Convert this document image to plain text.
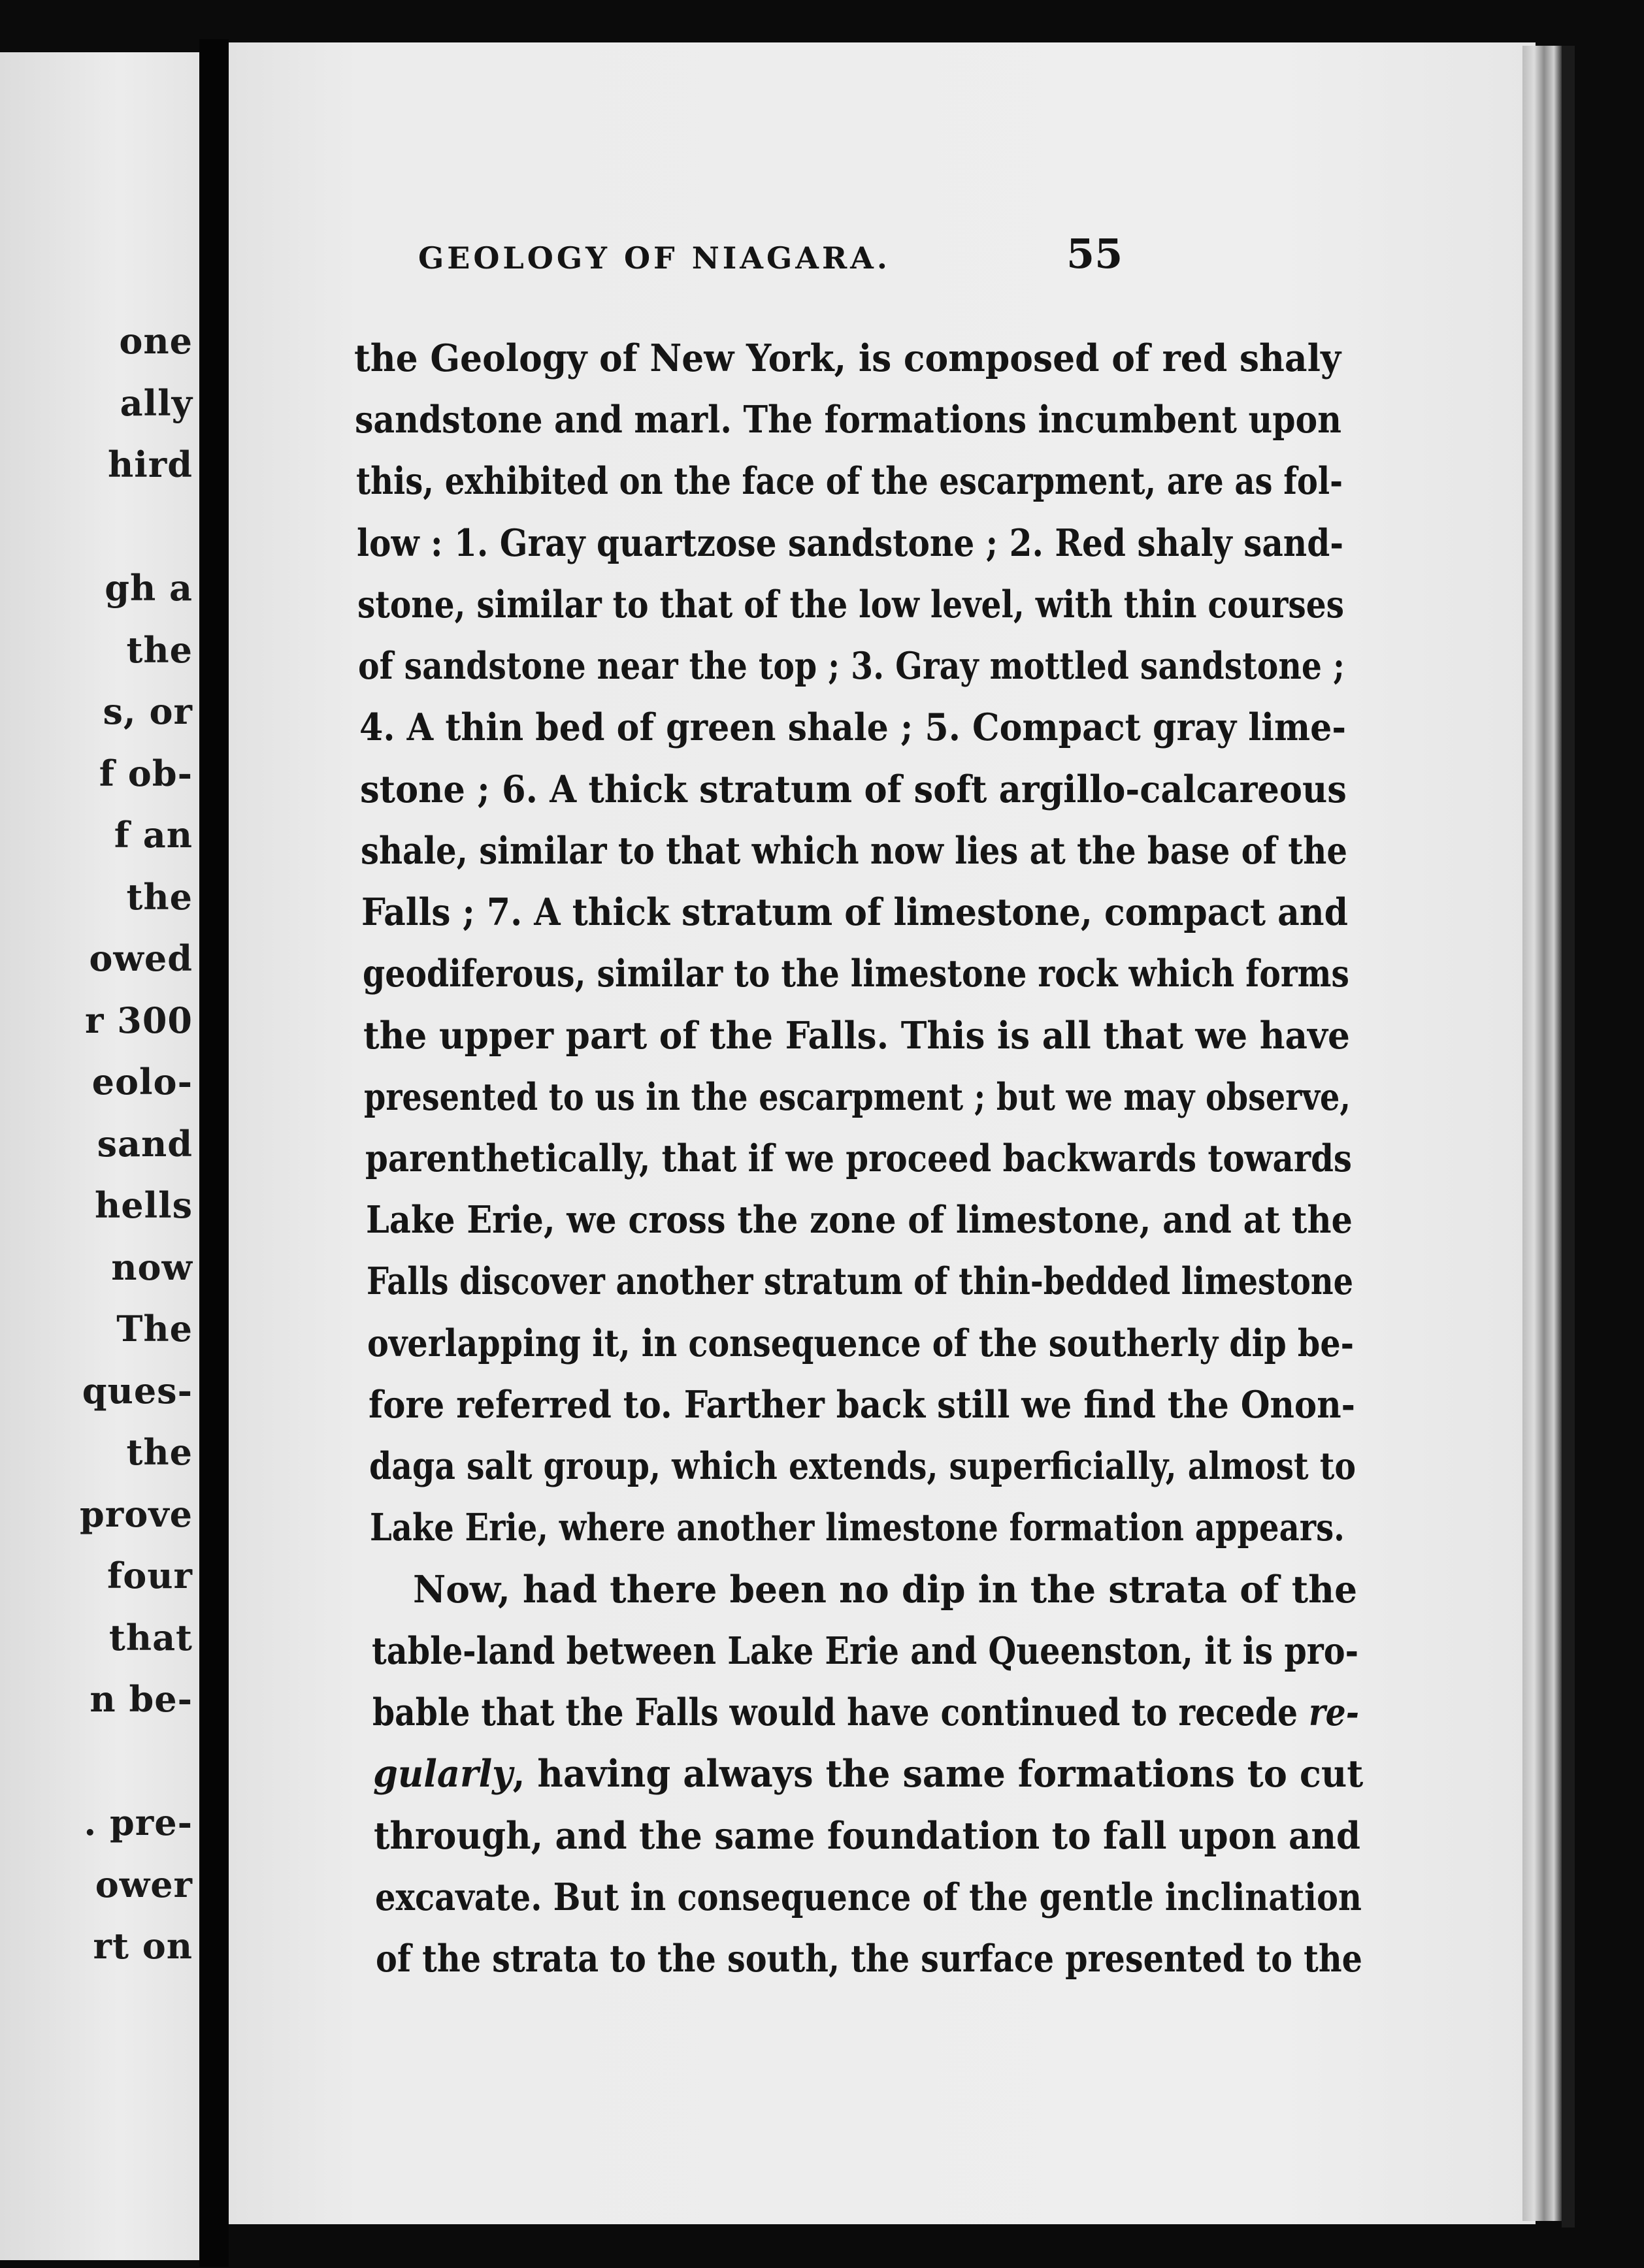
one
ally
hird
gh a
the
s, or
f ob-
f an
the
owed
r 300
eolo-
sand
hells
now
The
ques-
the
prove
four
that
n be-
. pre-
ower
rt on
GEOLOGY OF NIAGARA.	55
the Geology of New York, is composed of red shaly
sandstone and marl. The formations incumbent upon
this, exhibited on the face of the escarpment, are as fol-
low : 1. Gray quartzose sandstone ; 2. Red shaly sand-
stone, similar to that of the low level, with thin courses
of sandstone near the top ; 3. Gray mottled sandstone ;
4. A thin bed of green shale ; 5. Compact gray lime-
stone ; 6. A thick stratum of soft argillo-calcareous
shale, similar to that which now lies at the base of the
Falls ; 7. A thick stratum of limestone, compact and
geodiferous, similar to the limestone rock which forms
the upper part of the Falls. This is all that we have
presented to us in the escarpment ; but we may observe,
parenthetically, that if we proceed backwards towards
Lake Erie, we cross the zone of limestone, and at the
Falls discover another stratum of thin-bedded limestone
overlapping it, in consequence of the southerly dip be-
fore referred to. Farther back still we find the Onon-
daga salt group, which extends, superficially, almost to
Lake Erie, where another limestone formation appears.
Now, had there been no dip in the strata of the
table-land between Lake Erie and Queenston, it is pro-
bable that the Falls would have continued to recede re-
gularly, having always the same formations to cut
through, and the same foundation to fall upon and
excavate. But in consequence of the gentle inclination
of the strata to the south, the surface presented to the
